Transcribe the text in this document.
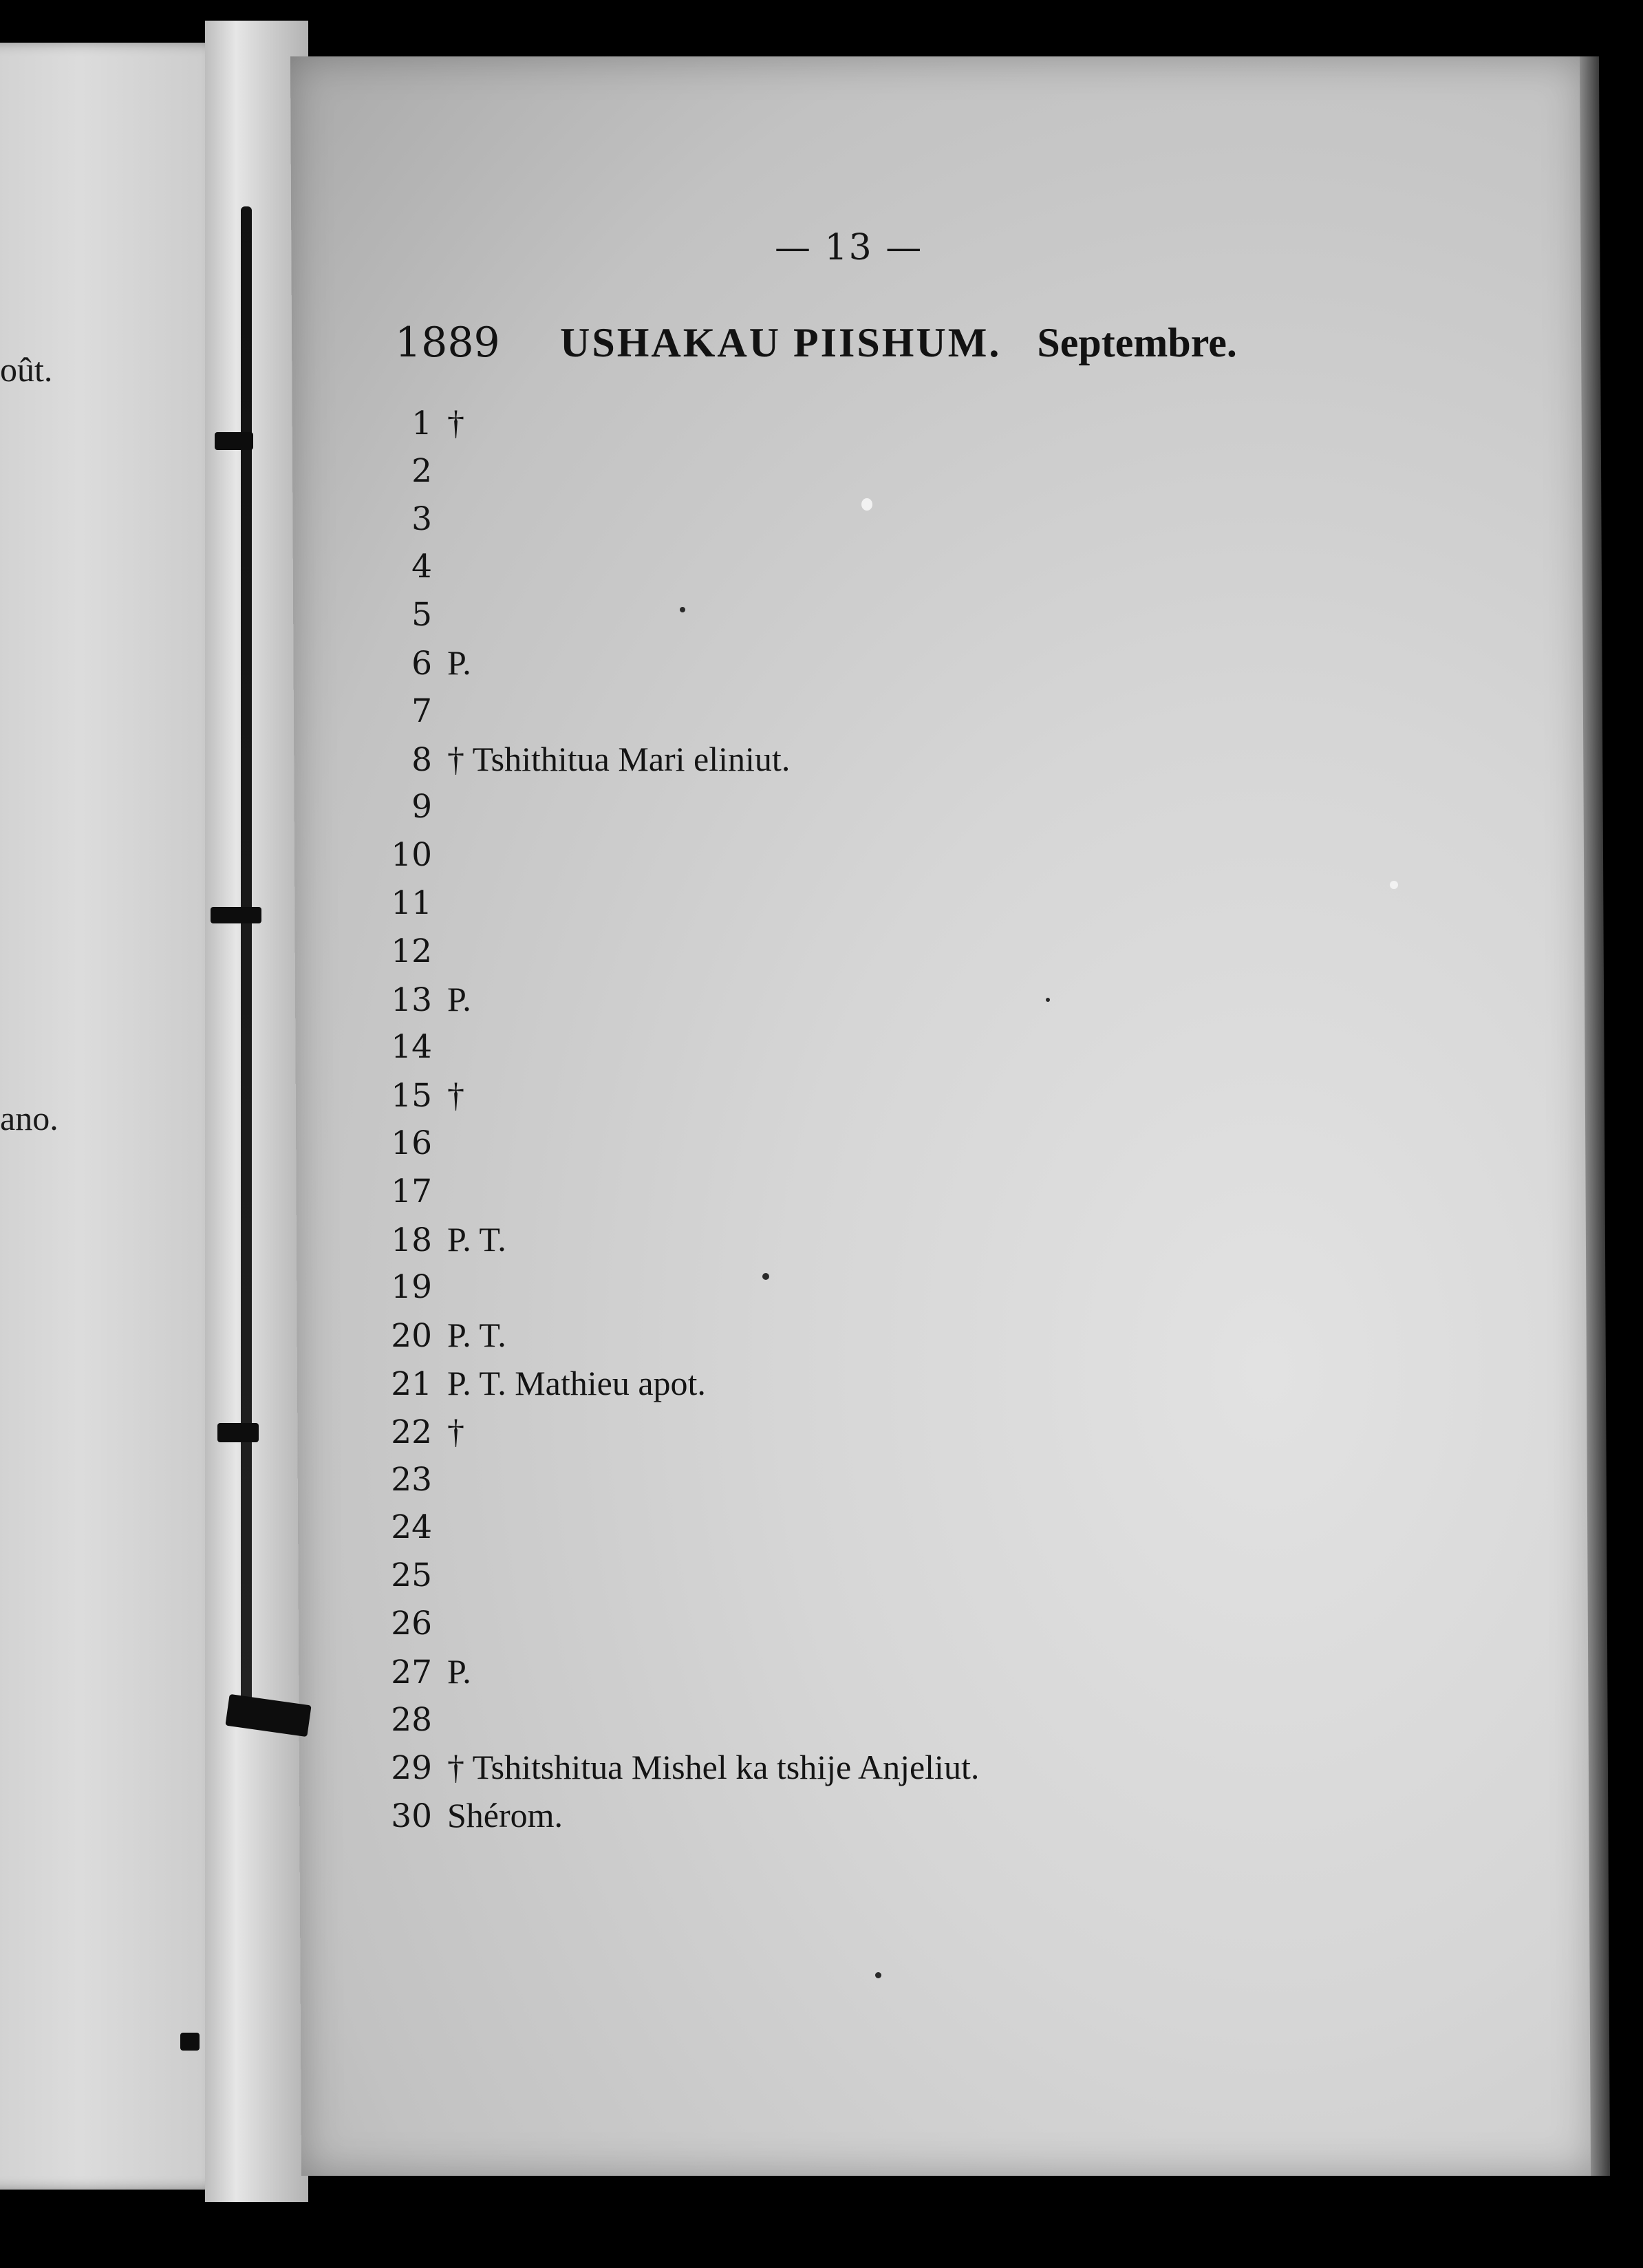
oût.
ano.
— 13 —
1889 USHAKAU PIISHUM. Septembre.
1 †
2
3
4
5
6 P.
7
8 † Tshithitua Mari eliniut.
9
10
11
12
13 P.
14
15 †
16
17
18 P. T.
19
20 P. T.
21 P. T. Mathieu apot.
22 †
23
24
25
26
27 P.
28
29 † Tshitshitua Mishel ka tshije Anjeliut.
30 Shérom.
